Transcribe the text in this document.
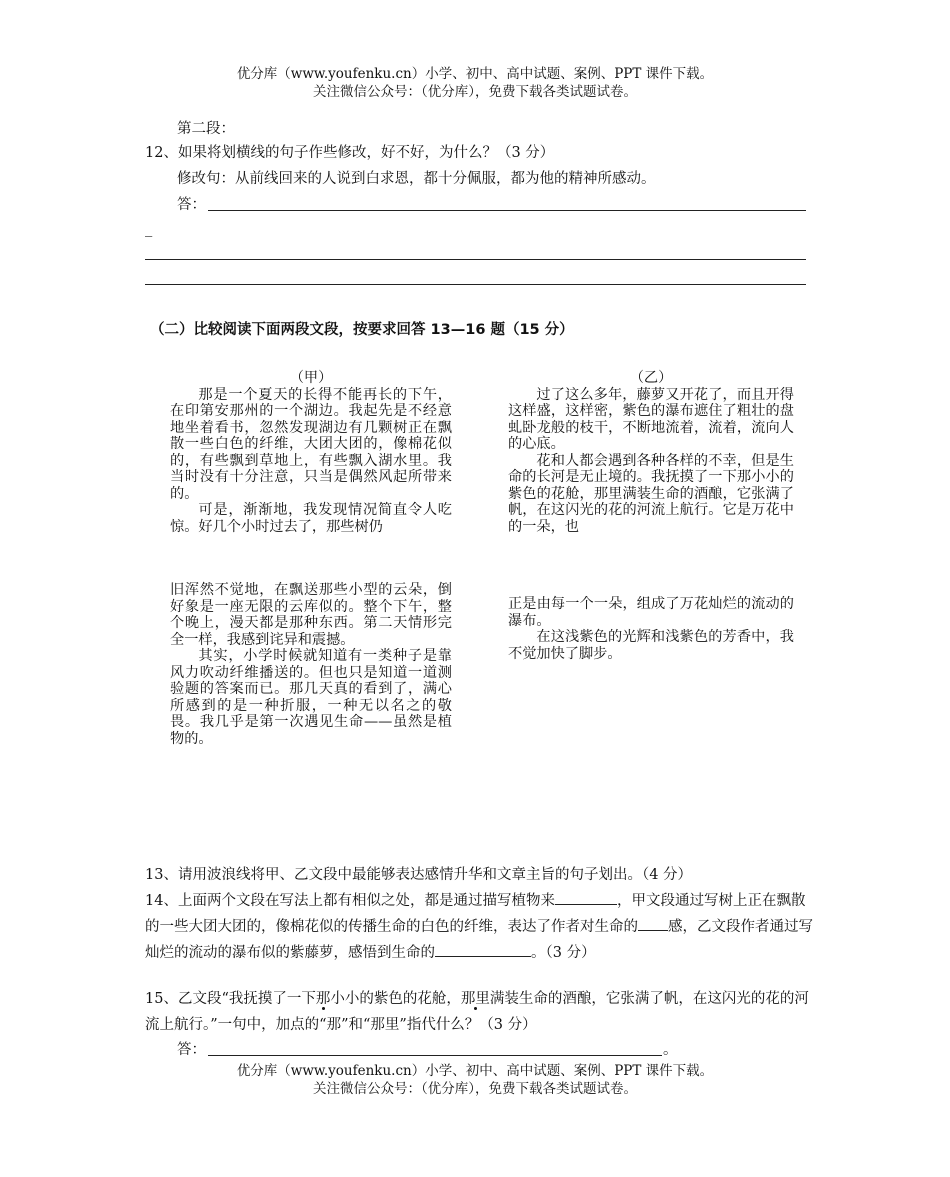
优分库（www.youfenku.cn）小学、初中、高中试题、案例、PPT 课件下载。
关注微信公众号：（优分库），免费下载各类试题试卷。
第二段：
12、如果将划横线的句子作些修改，好不好，为什么？（3 分）
修改句：从前线回来的人说到白求恩，都十分佩服，都为他的精神所感动。
答：
_
（二）比较阅读下面两段文段，按要求回答 13—16 题（15 分）
（甲）

那是一个夏天的长得不能再长的下午，在印第安那州的一个湖边。我起先是不经意地坐着看书，忽然发现湖边有几颗树正在飘散一些白色的纤维，大团大团的，像棉花似的，有些飘到草地上，有些飘入湖水里。我当时没有十分注意，只当是偶然风起所带来的。

可是，渐渐地，我发现情况简直令人吃惊。好几个小时过去了，那些树仍

旧浑然不觉地，在飘送那些小型的云朵，倒好象是一座无限的云库似的。整个下午，整个晚上，漫天都是那种东西。第二天情形完全一样，我感到诧异和震撼。

其实，小学时候就知道有一类种子是靠风力吹动纤维播送的。但也只是知道一道测验题的答案而已。那几天真的看到了，满心所感到的是一种折服，一种无以名之的敬畏。我几乎是第一次遇见生命——虽然是植物的。

（乙）

过了这么多年，藤萝又开花了，而且开得这样盛，这样密，紫色的瀑布遮住了粗壮的盘虬卧龙般的枝干，不断地流着，流着，流向人的心底。

花和人都会遇到各种各样的不幸，但是生命的长河是无止境的。我抚摸了一下那小小的紫色的花舱，那里满装生命的酒酿，它张满了帆，在这闪光的花的河流上航行。它是万花中的一朵，也

正是由每一个一朵，组成了万花灿烂的流动的瀑布。

在这浅紫色的光辉和浅紫色的芳香中，我不觉加快了脚步。

13、请用波浪线将甲、乙文段中最能够表达感情升华和文章主旨的句子划出。（4 分）
14、上面两个文段在写法上都有相似之处，都是通过描写植物来	，甲文段通过写树上正在飘散的一些大团大团的，像棉花似的传播生命的白色的纤维，表达了作者对生命的 感，乙文段作者通过写灿烂的流动的瀑布似的紫藤萝，感悟到生命的	。（3 分）
15、乙文段“我抚摸了一下那小小的紫色的花舱，那里满装生命的酒酿，它张满了帆，在这闪光的花的河流上航行。”一句中，加点的“那”和“那里”指代什么？（3 分）
答：	。
优分库（www.youfenku.cn）小学、初中、高中试题、案例、PPT 课件下载。
关注微信公众号：（优分库），免费下载各类试题试卷。
